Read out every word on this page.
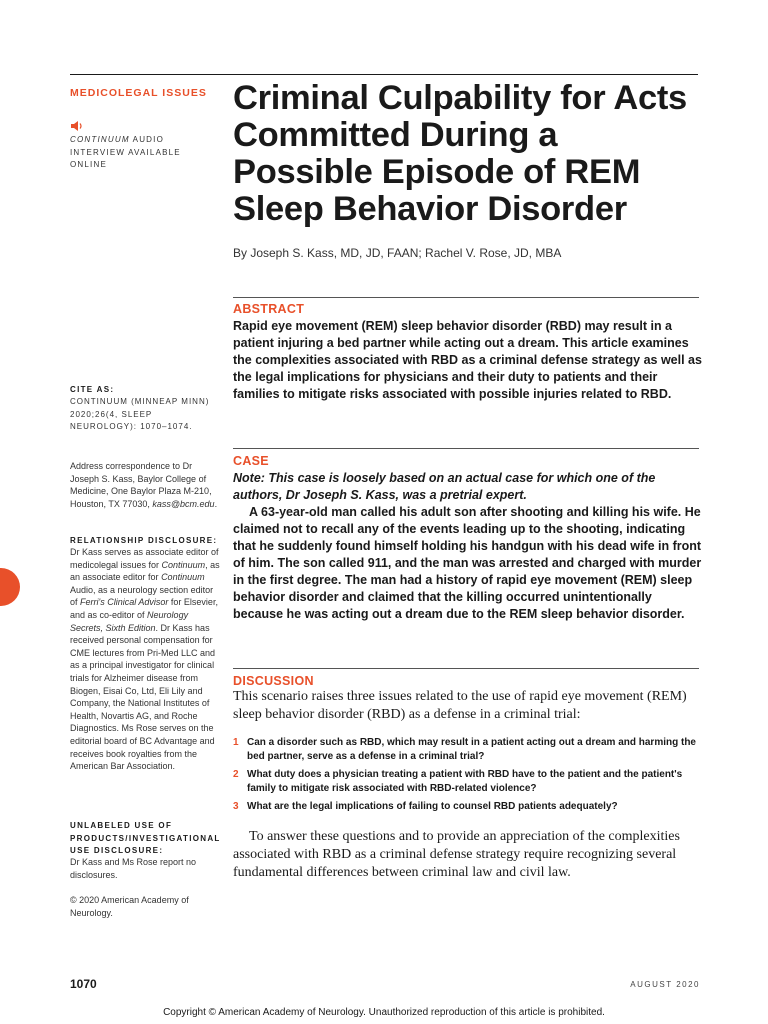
MEDICOLEGAL ISSUES
CONTINUUM AUDIO INTERVIEW AVAILABLE ONLINE
Criminal Culpability for Acts Committed During a Possible Episode of REM Sleep Behavior Disorder
By Joseph S. Kass, MD, JD, FAAN; Rachel V. Rose, JD, MBA
ABSTRACT

Rapid eye movement (REM) sleep behavior disorder (RBD) may result in a patient injuring a bed partner while acting out a dream. This article examines the complexities associated with RBD as a criminal defense strategy as well as the legal implications for physicians and their duty to patients and their families to mitigate risks associated with possible injuries related to RBD.

CASE

Note: This case is loosely based on an actual case for which one of the authors, Dr Joseph S. Kass, was a pretrial expert.

A 63-year-old man called his adult son after shooting and killing his wife. He claimed not to recall any of the events leading up to the shooting, indicating that he suddenly found himself holding his handgun with his dead wife in front of him. The son called 911, and the man was arrested and charged with murder in the first degree. The man had a history of rapid eye movement (REM) sleep behavior disorder and claimed that the killing occurred unintentionally because he was acting out a dream due to the REM sleep behavior disorder.

DISCUSSION

This scenario raises three issues related to the use of rapid eye movement (REM) sleep behavior disorder (RBD) as a defense in a criminal trial:

1 Can a disorder such as RBD, which may result in a patient acting out a dream and harming the bed partner, serve as a defense in a criminal trial?
2 What duty does a physician treating a patient with RBD have to the patient and the patient's family to mitigate risk associated with RBD-related violence?
3 What are the legal implications of failing to counsel RBD patients adequately?

To answer these questions and to provide an appreciation of the complexities associated with RBD as a criminal defense strategy require recognizing several fundamental differences between criminal law and civil law.

CITE AS:
CONTINUUM (MINNEAP MINN) 2020;26(4, SLEEP NEUROLOGY): 1070–1074.
Address correspondence to Dr Joseph S. Kass, Baylor College of Medicine, One Baylor Plaza M-210, Houston, TX 77030, kass@bcm.edu.
RELATIONSHIP DISCLOSURE:
Dr Kass serves as associate editor of medicolegal issues for Continuum, as an associate editor for Continuum Audio, as a neurology section editor of Ferri's Clinical Advisor for Elsevier, and as co-editor of Neurology Secrets, Sixth Edition. Dr Kass has received personal compensation for CME lectures from Pri-Med LLC and as a principal investigator for clinical trials for Alzheimer disease from Biogen, Eisai Co, Ltd, Eli Lily and Company, the National Institutes of Health, Novartis AG, and Roche Diagnostics. Ms Rose serves on the editorial board of BC Advantage and receives book royalties from the American Bar Association.
UNLABELED USE OF PRODUCTS/INVESTIGATIONAL USE DISCLOSURE:
Dr Kass and Ms Rose report no disclosures.
© 2020 American Academy of Neurology.
1070	AUGUST 2020
Copyright © American Academy of Neurology. Unauthorized reproduction of this article is prohibited.
